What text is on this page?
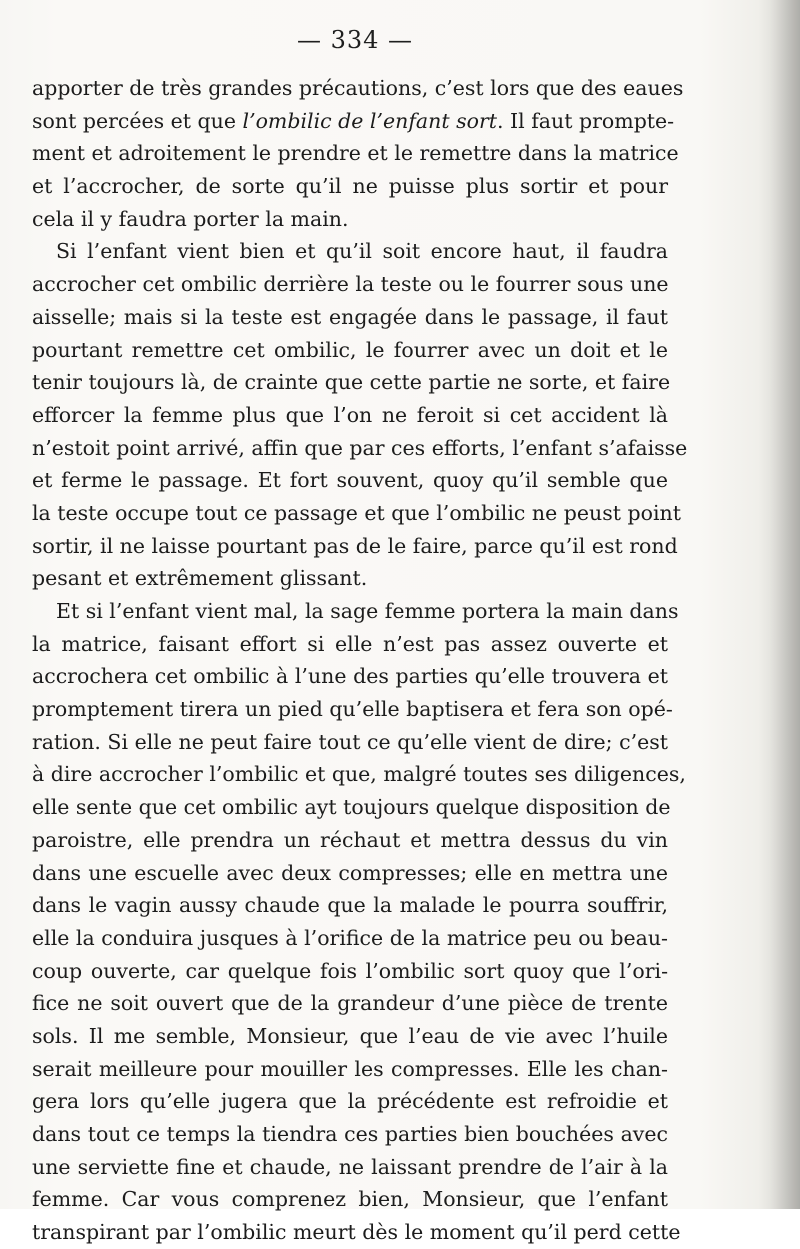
— 334 —
apporter de très grandes précautions, c’est lors que des eaues
sont percées et que l’ombilic de l’enfant sort. Il faut prompte-
ment et adroitement le prendre et le remettre dans la matrice
et l’accrocher, de sorte qu’il ne puisse plus sortir et pour
cela il y faudra porter la main.
Si l’enfant vient bien et qu’il soit encore haut, il faudra
accrocher cet ombilic derrière la teste ou le fourrer sous une
aisselle; mais si la teste est engagée dans le passage, il faut
pourtant remettre cet ombilic, le fourrer avec un doit et le
tenir toujours là, de crainte que cette partie ne sorte, et faire
efforcer la femme plus que l’on ne feroit si cet accident là
n’estoit point arrivé, affin que par ces efforts, l’enfant s’afaisse
et ferme le passage. Et fort souvent, quoy qu’il semble que
la teste occupe tout ce passage et que l’ombilic ne peust point
sortir, il ne laisse pourtant pas de le faire, parce qu’il est rond
pesant et extrêmement glissant.
Et si l’enfant vient mal, la sage femme portera la main dans
la matrice, faisant effort si elle n’est pas assez ouverte et
accrochera cet ombilic à l’une des parties qu’elle trouvera et
promptement tirera un pied qu’elle baptisera et fera son opé-
ration. Si elle ne peut faire tout ce qu’elle vient de dire; c’est
à dire accrocher l’ombilic et que, malgré toutes ses diligences,
elle sente que cet ombilic ayt toujours quelque disposition de
paroistre, elle prendra un réchaut et mettra dessus du vin
dans une escuelle avec deux compresses; elle en mettra une
dans le vagin aussy chaude que la malade le pourra souffrir,
elle la conduira jusques à l’orifice de la matrice peu ou beau-
coup ouverte, car quelque fois l’ombilic sort quoy que l’ori-
fice ne soit ouvert que de la grandeur d’une pièce de trente
sols. Il me semble, Monsieur, que l’eau de vie avec l’huile
serait meilleure pour mouiller les compresses. Elle les chan-
gera lors qu’elle jugera que la précédente est refroidie et
dans tout ce temps la tiendra ces parties bien bouchées avec
une serviette fine et chaude, ne laissant prendre de l’air à la
femme. Car vous comprenez bien, Monsieur, que l’enfant
transpirant par l’ombilic meurt dès le moment qu’il perd cette
